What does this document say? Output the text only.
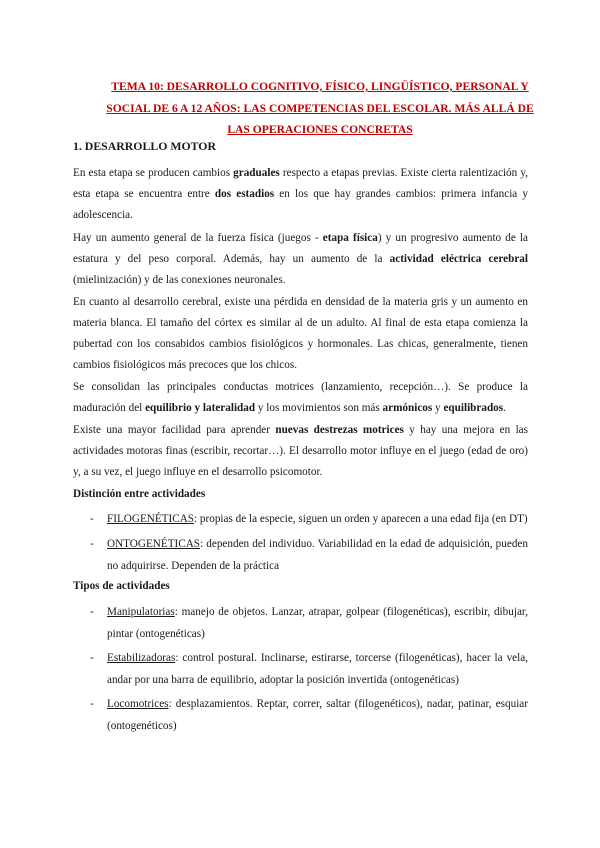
TEMA 10: DESARROLLO COGNITIVO, FÍSICO, LINGÜÍSTICO, PERSONAL Y
SOCIAL DE 6 A 12 AÑOS: LAS COMPETENCIAS DEL ESCOLAR. MÁS ALLÁ DE
LAS OPERACIONES CONCRETAS
1. DESARROLLO MOTOR
En esta etapa se producen cambios graduales respecto a etapas previas. Existe cierta ralentización y, esta etapa se encuentra entre dos estadios en los que hay grandes cambios: primera infancia y adolescencia.
Hay un aumento general de la fuerza física (juegos - etapa física) y un progresivo aumento de la estatura y del peso corporal. Además, hay un aumento de la actividad eléctrica cerebral (mielinización) y de las conexiones neuronales.
En cuanto al desarrollo cerebral, existe una pérdida en densidad de la materia gris y un aumento en materia blanca. El tamaño del córtex es similar al de un adulto. Al final de esta etapa comienza la pubertad con los consabidos cambios fisiológicos y hormonales. Las chicas, generalmente, tienen cambios fisiológicos más precoces que los chicos.
Se consolidan las principales conductas motrices (lanzamiento, recepción…). Se produce la maduración del equilibrio y lateralidad y los movimientos son más armónicos y equilibrados.
Existe una mayor facilidad para aprender nuevas destrezas motrices y hay una mejora en las actividades motoras finas (escribir, recortar…). El desarrollo motor influye en el juego (edad de oro) y, a su vez, el juego influye en el desarrollo psicomotor.
Distinción entre actividades
- FILOGENÉTICAS: propias de la especie, siguen un orden y aparecen a una edad fija (en DT)
- ONTOGENÉTICAS: dependen del individuo. Variabilidad en la edad de adquisición, pueden no adquirirse. Dependen de la práctica
Tipos de actividades
- Manipulatorias: manejo de objetos. Lanzar, atrapar, golpear (filogenéticas), escribir, dibujar, pintar (ontogenéticas)
- Estabilizadoras: control postural. Inclinarse, estirarse, torcerse (filogenéticas), hacer la vela, andar por una barra de equilibrio, adoptar la posición invertida (ontogenéticas)
- Locomotrices: desplazamientos. Reptar, correr, saltar (filogenéticos), nadar, patinar, esquiar (ontogenéticos)
